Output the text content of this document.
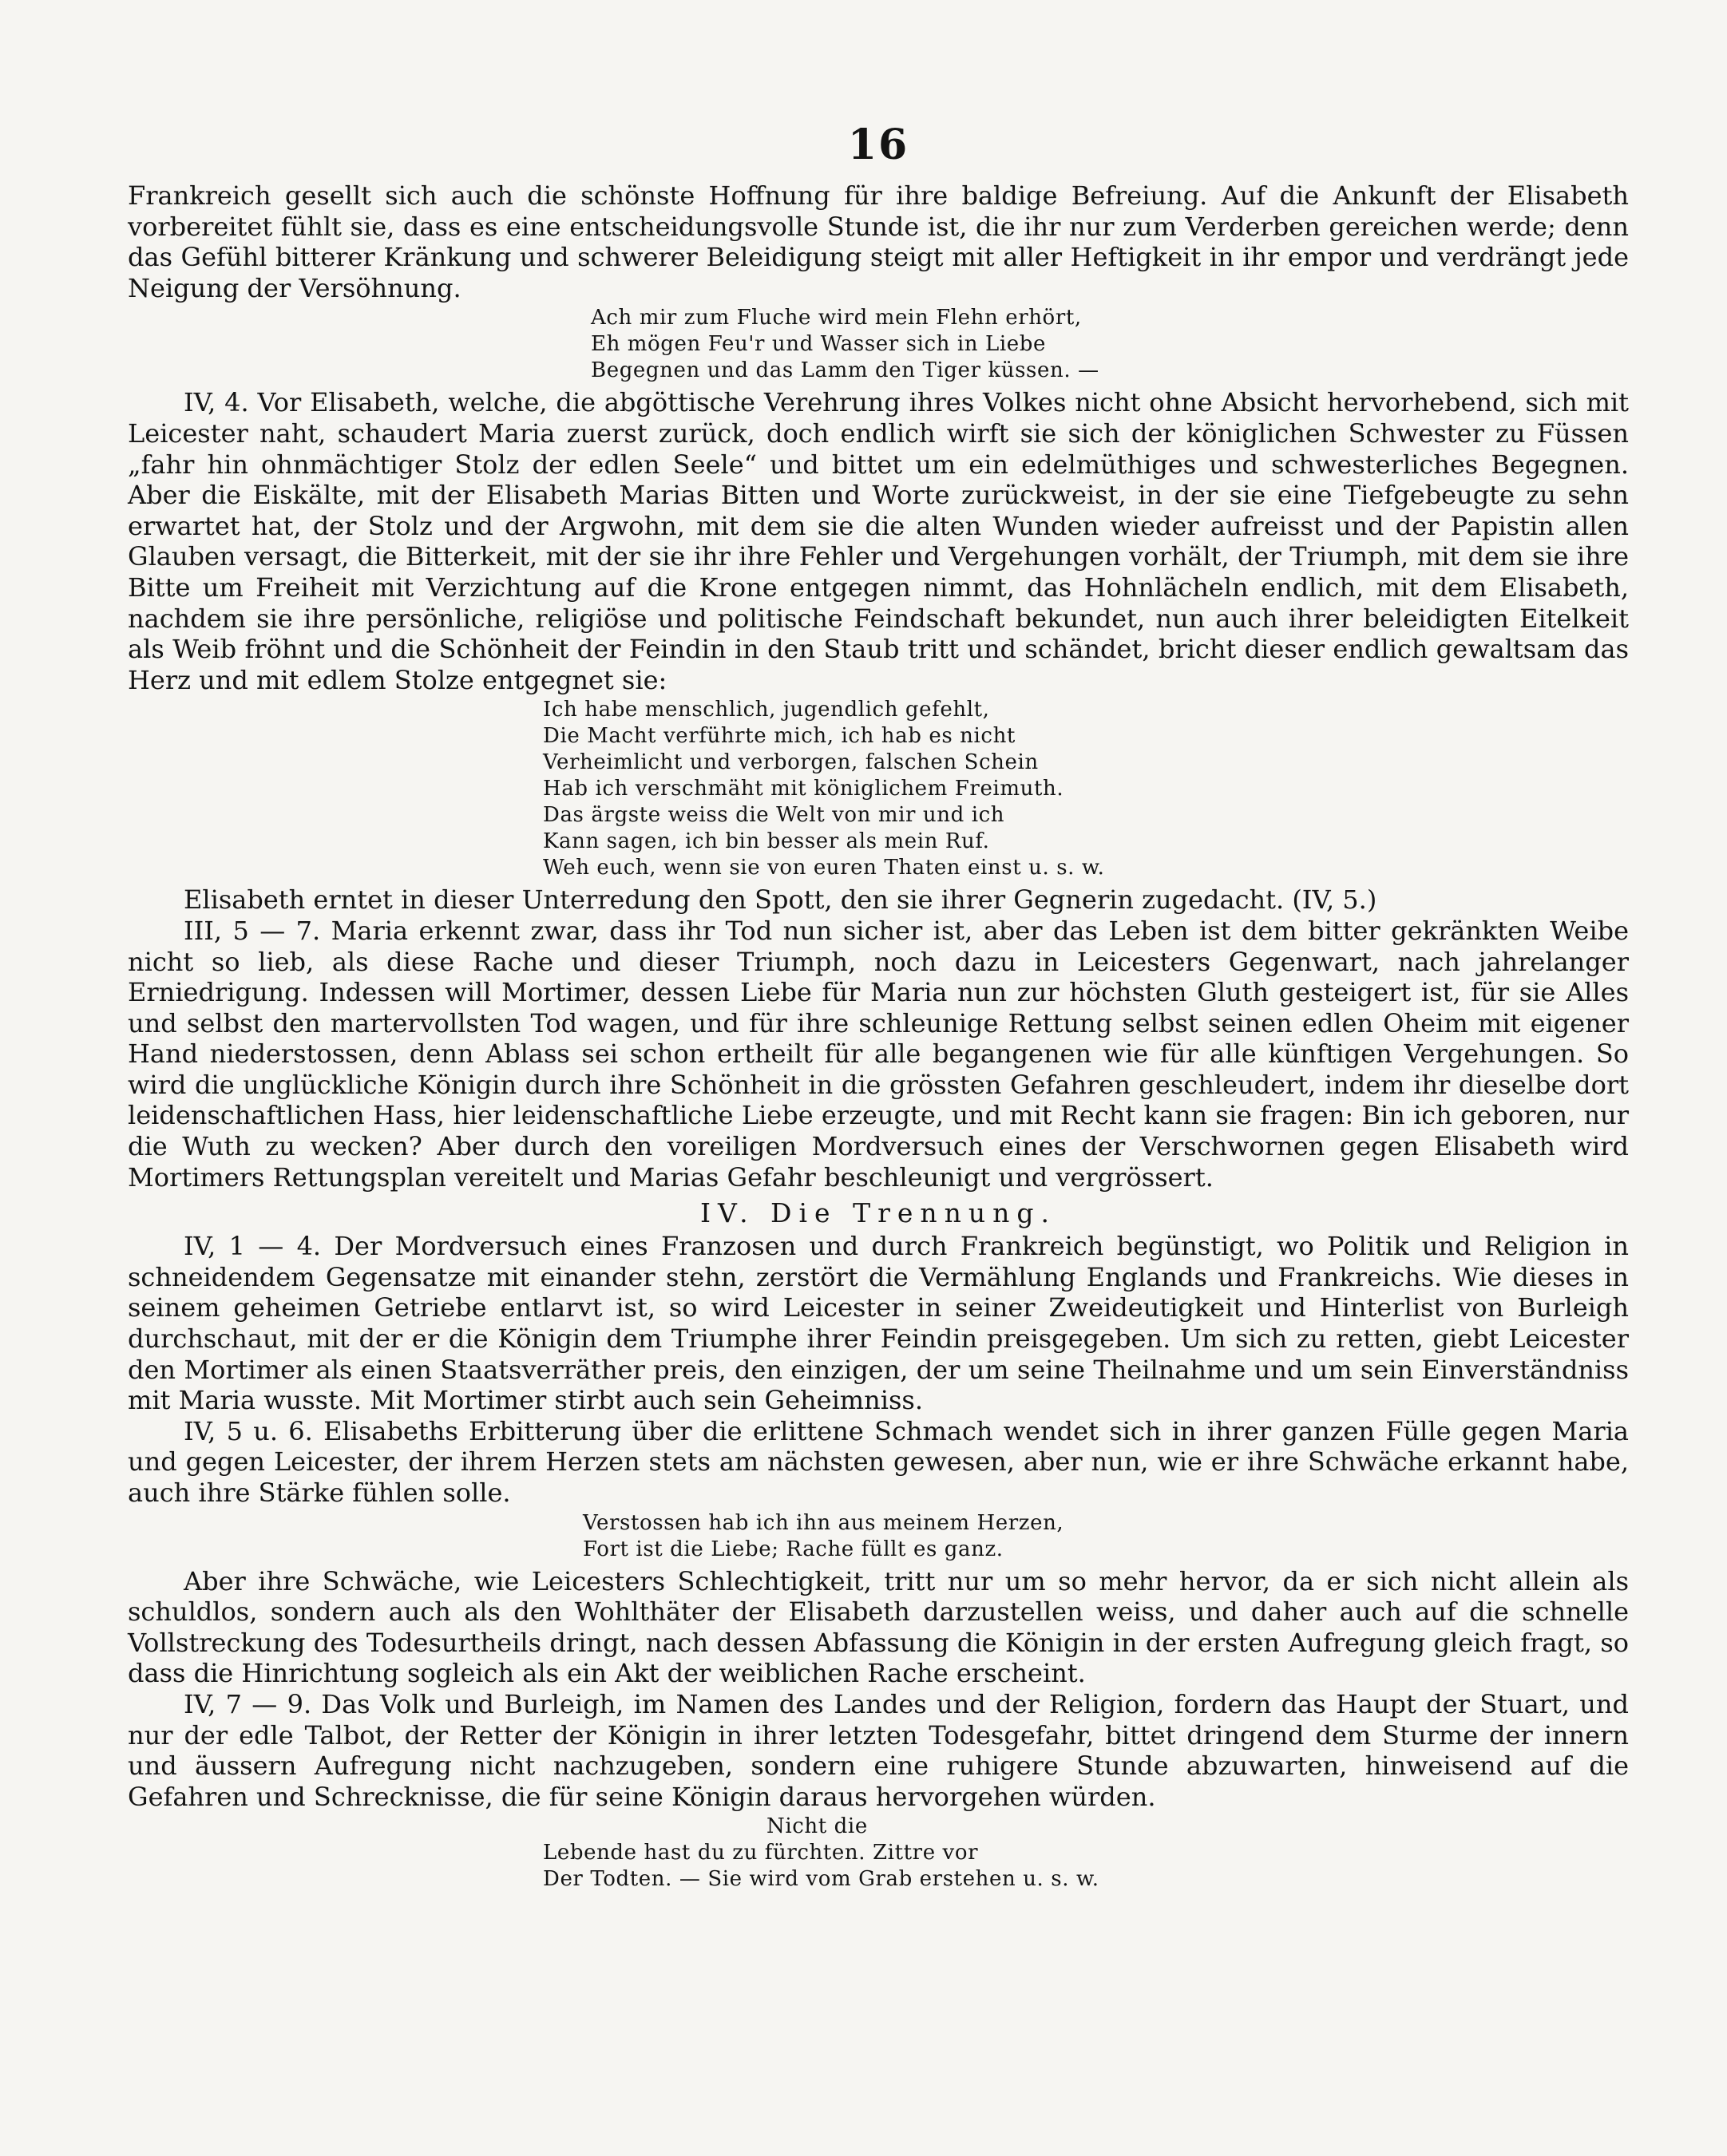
16

Frankreich gesellt sich auch die schönste Hoffnung für ihre baldige Befreiung. Auf die Ankunft der Elisabeth vorbereitet fühlt sie, dass es eine entscheidungsvolle Stunde ist, die ihr nur zum Verderben gereichen werde; denn das Gefühl bitterer Kränkung und schwerer Beleidigung steigt mit aller Heftigkeit in ihr empor und verdrängt jede Neigung der Versöhnung.

Ach mir zum Fluche wird mein Flehn erhört,
Eh mögen Feu'r und Wasser sich in Liebe
Begegnen und das Lamm den Tiger küssen. —

IV, 4. Vor Elisabeth, welche, die abgöttische Verehrung ihres Volkes nicht ohne Absicht hervorhebend, sich mit Leicester naht, schaudert Maria zuerst zurück, doch endlich wirft sie sich der königlichen Schwester zu Füssen „fahr hin ohnmächtiger Stolz der edlen Seele“ und bittet um ein edelmüthiges und schwesterliches Begegnen. Aber die Eiskälte, mit der Elisabeth Marias Bitten und Worte zurückweist, in der sie eine Tiefgebeugte zu sehn erwartet hat, der Stolz und der Argwohn, mit dem sie die alten Wunden wieder aufreisst und der Papistin allen Glauben versagt, die Bitterkeit, mit der sie ihr ihre Fehler und Vergehungen vorhält, der Triumph, mit dem sie ihre Bitte um Freiheit mit Verzichtung auf die Krone entgegen nimmt, das Hohnlächeln endlich, mit dem Elisabeth, nachdem sie ihre persönliche, religiöse und politische Feindschaft bekundet, nun auch ihrer beleidigten Eitelkeit als Weib fröhnt und die Schönheit der Feindin in den Staub tritt und schändet, bricht dieser endlich gewaltsam das Herz und mit edlem Stolze entgegnet sie:

Ich habe menschlich, jugendlich gefehlt,
Die Macht verführte mich, ich hab es nicht
Verheimlicht und verborgen, falschen Schein
Hab ich verschmäht mit königlichem Freimuth.
Das ärgste weiss die Welt von mir und ich
Kann sagen, ich bin besser als mein Ruf.
Weh euch, wenn sie von euren Thaten einst u. s. w.

Elisabeth erntet in dieser Unterredung den Spott, den sie ihrer Gegnerin zugedacht. (IV, 5.)

III, 5 — 7. Maria erkennt zwar, dass ihr Tod nun sicher ist, aber das Leben ist dem bitter gekränkten Weibe nicht so lieb, als diese Rache und dieser Triumph, noch dazu in Leicesters Gegenwart, nach jahrelanger Erniedrigung. Indessen will Mortimer, dessen Liebe für Maria nun zur höchsten Gluth gesteigert ist, für sie Alles und selbst den martervollsten Tod wagen, und für ihre schleunige Rettung selbst seinen edlen Oheim mit eigener Hand niederstossen, denn Ablass sei schon ertheilt für alle begangenen wie für alle künftigen Vergehungen. So wird die unglückliche Königin durch ihre Schönheit in die grössten Gefahren geschleudert, indem ihr dieselbe dort leidenschaftlichen Hass, hier leidenschaftliche Liebe erzeugte, und mit Recht kann sie fragen: Bin ich geboren, nur die Wuth zu wecken? Aber durch den voreiligen Mordversuch eines der Verschwornen gegen Elisabeth wird Mortimers Rettungsplan vereitelt und Marias Gefahr beschleunigt und vergrössert.

IV. Die Trennung.

IV, 1 — 4. Der Mordversuch eines Franzosen und durch Frankreich begünstigt, wo Politik und Religion in schneidendem Gegensatze mit einander stehn, zerstört die Vermählung Englands und Frankreichs. Wie dieses in seinem geheimen Getriebe entlarvt ist, so wird Leicester in seiner Zweideutigkeit und Hinterlist von Burleigh durchschaut, mit der er die Königin dem Triumphe ihrer Feindin preisgegeben. Um sich zu retten, giebt Leicester den Mortimer als einen Staatsverräther preis, den einzigen, der um seine Theilnahme und um sein Einverständniss mit Maria wusste. Mit Mortimer stirbt auch sein Geheimniss.

IV, 5 u. 6. Elisabeths Erbitterung über die erlittene Schmach wendet sich in ihrer ganzen Fülle gegen Maria und gegen Leicester, der ihrem Herzen stets am nächsten gewesen, aber nun, wie er ihre Schwäche erkannt habe, auch ihre Stärke fühlen solle.

Verstossen hab ich ihn aus meinem Herzen,
Fort ist die Liebe; Rache füllt es ganz.

Aber ihre Schwäche, wie Leicesters Schlechtigkeit, tritt nur um so mehr hervor, da er sich nicht allein als schuldlos, sondern auch als den Wohlthäter der Elisabeth darzustellen weiss, und daher auch auf die schnelle Vollstreckung des Todesurtheils dringt, nach dessen Abfassung die Königin in der ersten Aufregung gleich fragt, so dass die Hinrichtung sogleich als ein Akt der weiblichen Rache erscheint.

IV, 7 — 9. Das Volk und Burleigh, im Namen des Landes und der Religion, fordern das Haupt der Stuart, und nur der edle Talbot, der Retter der Königin in ihrer letzten Todesgefahr, bittet dringend dem Sturme der innern und äussern Aufregung nicht nachzugeben, sondern eine ruhigere Stunde abzuwarten, hinweisend auf die Gefahren und Schrecknisse, die für seine Königin daraus hervorgehen würden.

Nicht die
Lebende hast du zu fürchten. Zittre vor
Der Todten. — Sie wird vom Grab erstehen u. s. w.
